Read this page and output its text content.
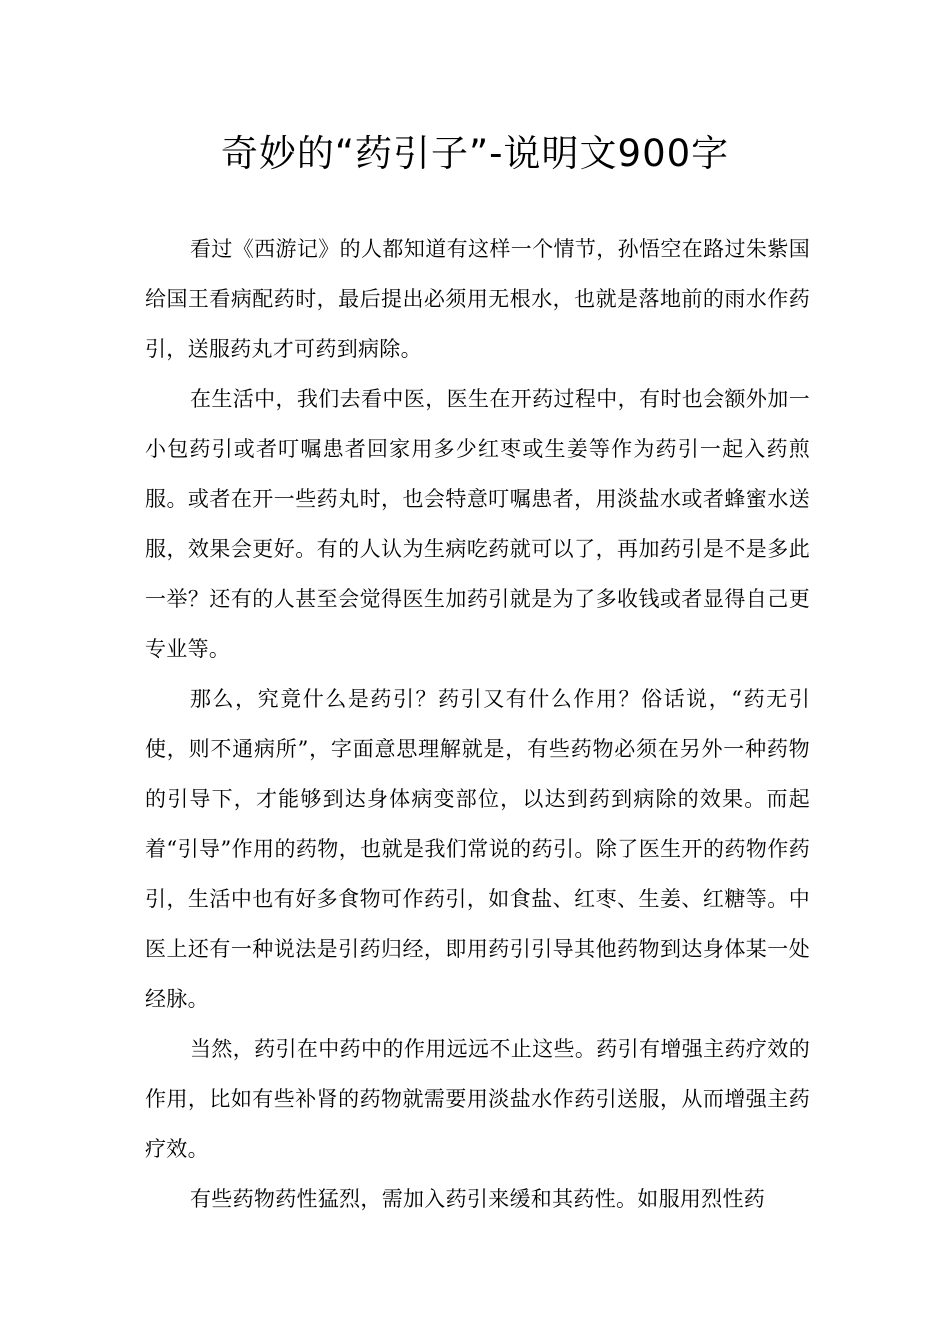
奇妙的“药引子”-说明文900字

看过《西游记》的人都知道有这样一个情节，孙悟空在路过朱紫国给国王看病配药时，最后提出必须用无根水，也就是落地前的雨水作药引，送服药丸才可药到病除。

在生活中，我们去看中医，医生在开药过程中，有时也会额外加一小包药引或者叮嘱患者回家用多少红枣或生姜等作为药引一起入药煎服。或者在开一些药丸时，也会特意叮嘱患者，用淡盐水或者蜂蜜水送服，效果会更好。有的人认为生病吃药就可以了，再加药引是不是多此一举？还有的人甚至会觉得医生加药引就是为了多收钱或者显得自己更专业等。

那么，究竟什么是药引？药引又有什么作用？俗话说，“药无引使，则不通病所”，字面意思理解就是，有些药物必须在另外一种药物的引导下，才能够到达身体病变部位，以达到药到病除的效果。而起着“引导”作用的药物，也就是我们常说的药引。除了医生开的药物作药引，生活中也有好多食物可作药引，如食盐、红枣、生姜、红糖等。中医上还有一种说法是引药归经，即用药引引导其他药物到达身体某一处经脉。

当然，药引在中药中的作用远远不止这些。药引有增强主药疗效的作用，比如有些补肾的药物就需要用淡盐水作药引送服，从而增强主药疗效。

有些药物药性猛烈，需加入药引来缓和其药性。如服用烈性药
